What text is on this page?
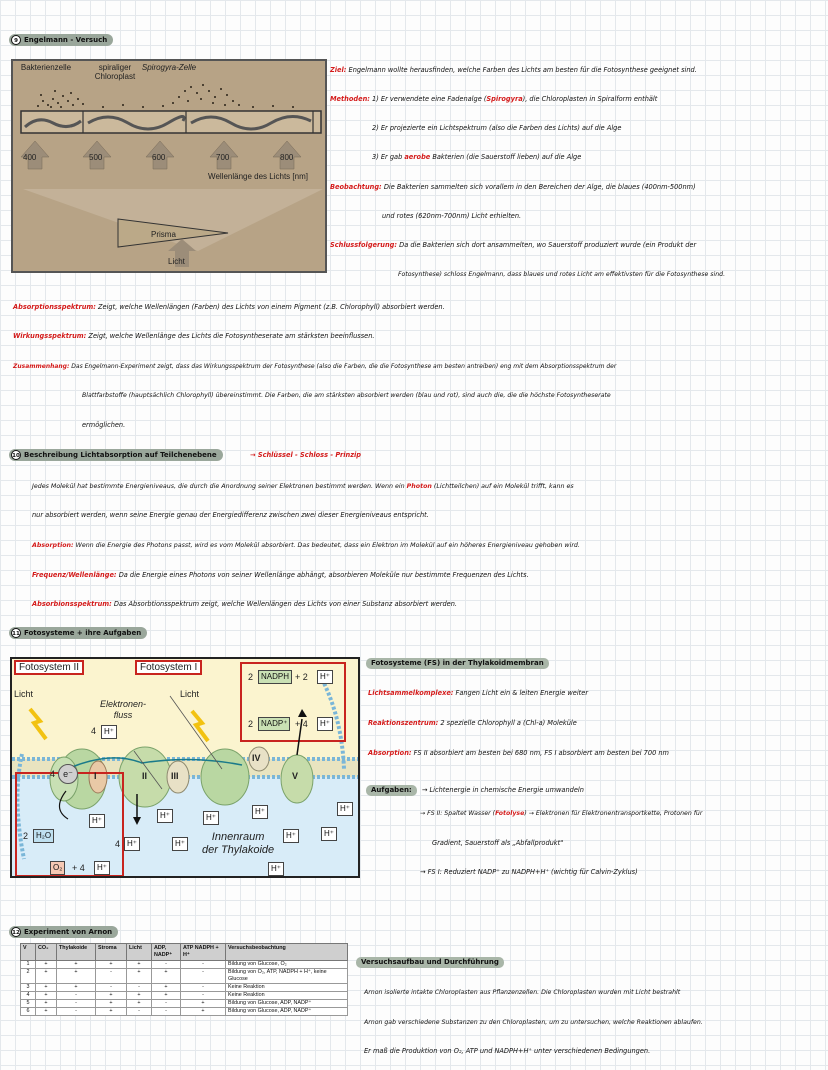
9 Engelmann - Versuch
Bakterienzelle	spiraliger Chloroplast
Spirogyra-Zelle
400	500	600	700	800
Wellenlänge des Lichts [nm]
Prisma
Licht
Ziel: Engelmann wollte herausfinden, welche Farben des Lichts am besten für die Fotosynthese geeignet sind.
Methoden: 1) Er verwendete eine Fadenalge (Spirogyra), die Chloroplasten in Spiralform enthält
2) Er projezierte ein Lichtspektrum (also die Farben des Lichts) auf die Alge
3) Er gab aerobe Bakterien (die Sauerstoff lieben) auf die Alge
Beobachtung: Die Bakterien sammelten sich vorallem in den Bereichen der Alge, die blaues (400nm-500nm)
und rotes (620nm-700nm) Licht erhielten.
Schlussfolgerung: Da die Bakterien sich dort ansammelten, wo Sauerstoff produziert wurde (ein Produkt der
Fotosynthese) schloss Engelmann, dass blaues und rotes Licht am effektivsten für die Fotosynthese sind.
Absorptionsspektrum: Zeigt, welche Wellenlängen (Farben) des Lichts von einem Pigment (z.B. Chlorophyll) absorbiert werden.
Wirkungsspektrum: Zeigt, welche Wellenlänge des Lichts die Fotosyntheserate am stärksten beeinflussen.
Zusammenhang: Das Engelmann-Experiment zeigt, dass das Wirkungsspektrum der Fotosynthese (also die Farben, die die Fotosynthese am besten antreiben) eng mit dem Absorptionsspektrum der
Blattfarbstoffe (hauptsächlich Chlorophyll) übereinstimmt. Die Farben, die am stärksten absorbiert werden (blau und rot), sind auch die, die die höchste Fotosyntheserate
ermöglichen.
10 Beschreibung Lichtabsorption auf Teilchenebene	→ Schlüssel - Schloss - Prinzip
Jedes Molekül hat bestimmte Energieniveaus, die durch die Anordnung seiner Elektronen bestimmt werden. Wenn ein Photon (Lichtteilchen) auf ein Molekül trifft, kann es
nur absorbiert werden, wenn seine Energie genau der Energiedifferenz zwischen zwei dieser Energieniveaus entspricht.
Absorption: Wenn die Energie des Photons passt, wird es vom Molekül absorbiert. Das bedeutet, dass ein Elektron im Molekül auf ein höheres Energieniveau gehoben wird.
Frequenz/Wellenlänge: Da die Energie eines Photons von seiner Wellenlänge abhängt, absorbieren Moleküle nur bestimmte Frequenzen des Lichts.
Absorbionsspektrum: Das Absorbtionsspektrum zeigt, welche Wellenlängen des Lichts von einer Substanz absorbiert werden.
11 Fotosysteme + ihre Aufgaben
Fotosystem II	Fotosystem I
Licht	Licht
Elektronen-
fluss
2 NADPH + 2	H⁺
2 NADP⁺ + 4	H⁺
4 H⁺
I	II	III
IV
V
4 e⁻
2 H₂O
O₂	+ 4	H⁺
H⁺
4 H⁺
H⁺
H⁺
H⁺
H⁺
H⁺	H⁺
H⁺
H⁺
Innenraum
der Thylakoide
Fotosysteme (FS) in der Thylakoidmembran
Lichtsammelkomplexe: Fangen Licht ein & leiten Energie weiter
Reaktionszentrum: 2 spezielle Chlorophyll a (Chl-a) Moleküle
Absorption: FS II absorbiert am besten bei 680 nm, FS I absorbiert am besten bei 700 nm
Aufgaben: → Lichtenergie in chemische Energie umwandeln
→ FS II: Spaltet Wasser (Fotolyse) → Elektronen für Elektronentransportkette, Protonen für
Gradient, Sauerstoff als „Abfallprodukt"
→ FS I: Reduziert NADP⁺ zu NADPH+H⁺ (wichtig für Calvin-Zyklus)
12 Experiment von Arnon
V	CO₂	Thylakoide	Stroma	Licht	ADP, NADP⁺	ATP NADPH + H⁺	Versuchsbeobachtung
1	+	+	+	+	-	-	Bildung von Glucose, O₂
2	+	+	-	+	+	-	Bildung von O₂, ATP, NADPH + H⁺, keine Glucose
3	+	+	-	-	+	-	Keine Reaktion
4	+	-	+	+	+	-	Keine Reaktion
5	+	-	+	+	-	+	Bildung von Glucose, ADP, NADP⁺
6	+	-	+	-	-	+	Bildung von Glucose, ADP, NADP⁺
Versuchsaufbau und Durchführung
Arnon isolierte intakte Chloroplasten aus Pflanzenzellen. Die Chloroplasten wurden mit Licht bestrahlt
Arnon gab verschiedene Substanzen zu den Chloroplasten, um zu untersuchen, welche Reaktionen ablaufen.
Er maß die Produktion von O₂, ATP und NADPH+H⁺ unter verschiedenen Bedingungen.
